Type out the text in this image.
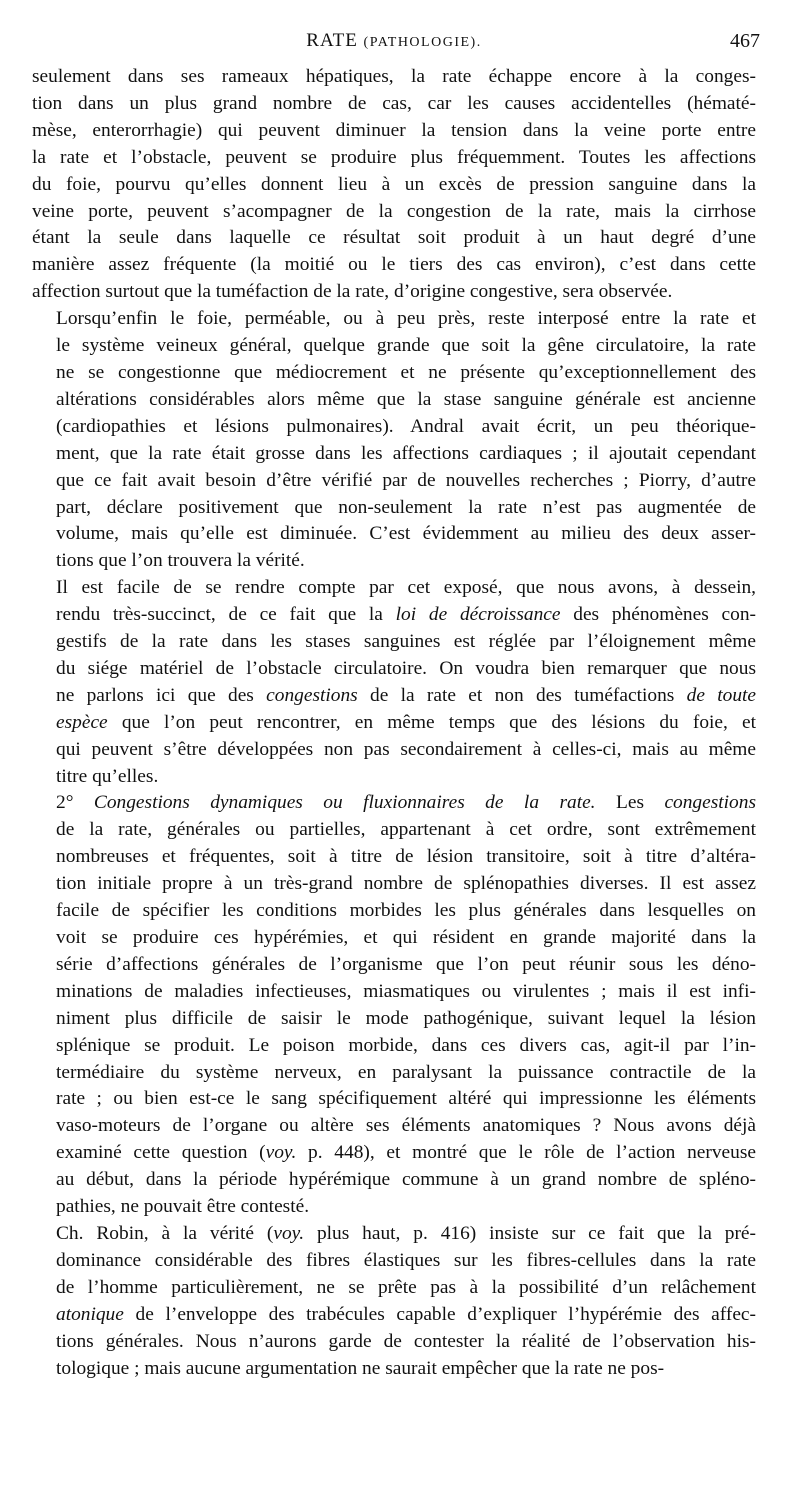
RATE (PATHOLOGIE).	467

seulement dans ses rameaux hépatiques, la rate échappe encore à la conges-
tion dans un plus grand nombre de cas, car les causes accidentelles (hématé-
mèse, enterorrhagie) qui peuvent diminuer la tension dans la veine porte entre
la rate et l’obstacle, peuvent se produire plus fréquemment. Toutes les affections
du foie, pourvu qu’elles donnent lieu à un excès de pression sanguine dans la
veine porte, peuvent s’acompagner de la congestion de la rate, mais la cirrhose
étant la seule dans laquelle ce résultat soit produit à un haut degré d’une
manière assez fréquente (la moitié ou le tiers des cas environ), c’est dans cette
affection surtout que la tuméfaction de la rate, d’origine congestive, sera observée.

Lorsqu’enfin le foie, perméable, ou à peu près, reste interposé entre la rate et
le système veineux général, quelque grande que soit la gêne circulatoire, la rate
ne se congestionne que médiocrement et ne présente qu’exceptionnellement des
altérations considérables alors même que la stase sanguine générale est ancienne
(cardiopathies et lésions pulmonaires). Andral avait écrit, un peu théorique-
ment, que la rate était grosse dans les affections cardiaques ; il ajoutait cependant
que ce fait avait besoin d’être vérifié par de nouvelles recherches ; Piorry, d’autre
part, déclare positivement que non-seulement la rate n’est pas augmentée de
volume, mais qu’elle est diminuée. C’est évidemment au milieu des deux asser-
tions que l’on trouvera la vérité.

Il est facile de se rendre compte par cet exposé, que nous avons, à dessein,
rendu très-succinct, de ce fait que la loi de décroissance des phénomènes con-
gestifs de la rate dans les stases sanguines est réglée par l’éloignement même
du siége matériel de l’obstacle circulatoire. On voudra bien remarquer que nous
ne parlons ici que des congestions de la rate et non des tuméfactions de toute
espèce que l’on peut rencontrer, en même temps que des lésions du foie, et
qui peuvent s’être développées non pas secondairement à celles-ci, mais au même
titre qu’elles.

2° Congestions dynamiques ou fluxionnaires de la rate. Les congestions
de la rate, générales ou partielles, appartenant à cet ordre, sont extrêmement
nombreuses et fréquentes, soit à titre de lésion transitoire, soit à titre d’altéra-
tion initiale propre à un très-grand nombre de splénopathies diverses. Il est assez
facile de spécifier les conditions morbides les plus générales dans lesquelles on
voit se produire ces hypérémies, et qui résident en grande majorité dans la
série d’affections générales de l’organisme que l’on peut réunir sous les déno-
minations de maladies infectieuses, miasmatiques ou virulentes ; mais il est infi-
niment plus difficile de saisir le mode pathogénique, suivant lequel la lésion
splénique se produit. Le poison morbide, dans ces divers cas, agit-il par l’in-
termédiaire du système nerveux, en paralysant la puissance contractile de la
rate ; ou bien est-ce le sang spécifiquement altéré qui impressionne les éléments
vaso-moteurs de l’organe ou altère ses éléments anatomiques ? Nous avons déjà
examiné cette question (voy. p. 448), et montré que le rôle de l’action nerveuse
au début, dans la période hypérémique commune à un grand nombre de spléno-
pathies, ne pouvait être contesté.

Ch. Robin, à la vérité (voy. plus haut, p. 416) insiste sur ce fait que la pré-
dominance considérable des fibres élastiques sur les fibres-cellules dans la rate
de l’homme particulièrement, ne se prête pas à la possibilité d’un relâchement
atonique de l’enveloppe des trabécules capable d’expliquer l’hypérémie des affec-
tions générales. Nous n’aurons garde de contester la réalité de l’observation his-
tologique ; mais aucune argumentation ne saurait empêcher que la rate ne pos-
